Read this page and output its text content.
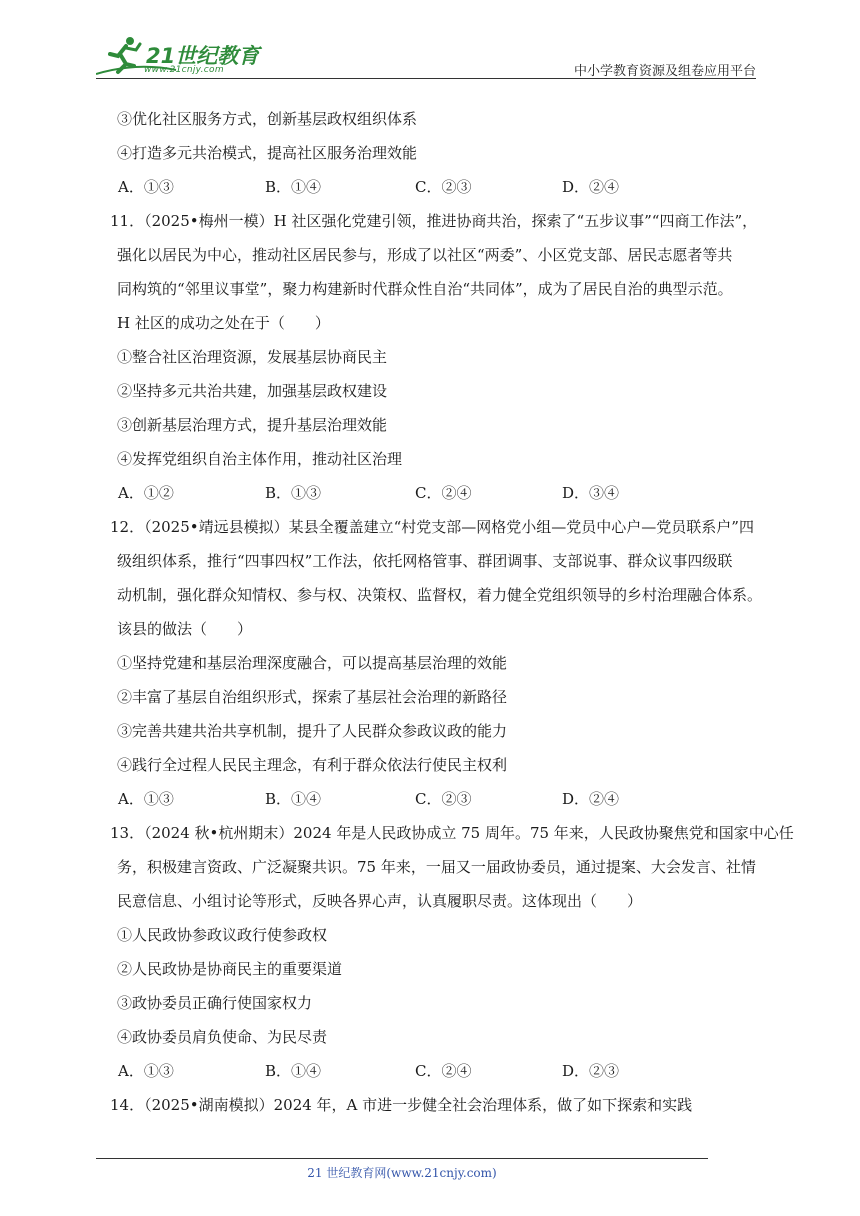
www.21cnjy.com
21世纪教育
中小学教育资源及组卷应用平台
③优化社区服务方式，创新基层政权组织体系
④打造多元共治模式，提高社区服务治理效能
A．①③	B．①④	C．②③	D．②④
11．（2025•梅州一模）H 社区强化党建引领，推进协商共治，探索了“五步议事”“四商工作法”，
强化以居民为中心，推动社区居民参与，形成了以社区“两委”、小区党支部、居民志愿者等共
同构筑的“邻里议事堂”，聚力构建新时代群众性自治“共同体”，成为了居民自治的典型示范。
H 社区的成功之处在于（　　）
①整合社区治理资源，发展基层协商民主
②坚持多元共治共建，加强基层政权建设
③创新基层治理方式，提升基层治理效能
④发挥党组织自治主体作用，推动社区治理
A．①②	B．①③	C．②④	D．③④
12．（2025•靖远县模拟）某县全覆盖建立“村党支部—网格党小组—党员中心户—党员联系户”四
级组织体系，推行“四事四权”工作法，依托网格管事、群团调事、支部说事、群众议事四级联
动机制，强化群众知情权、参与权、决策权、监督权，着力健全党组织领导的乡村治理融合体系。
该县的做法（　　）
①坚持党建和基层治理深度融合，可以提高基层治理的效能
②丰富了基层自治组织形式，探索了基层社会治理的新路径
③完善共建共治共享机制，提升了人民群众参政议政的能力
④践行全过程人民民主理念，有利于群众依法行使民主权利
A．①③	B．①④	C．②③	D．②④
13．（2024 秋•杭州期末）2024 年是人民政协成立 75 周年。75 年来，人民政协聚焦党和国家中心任
务，积极建言资政、广泛凝聚共识。75 年来，一届又一届政协委员，通过提案、大会发言、社情
民意信息、小组讨论等形式，反映各界心声，认真履职尽责。这体现出（　　）
①人民政协参政议政行使参政权
②人民政协是协商民主的重要渠道
③政协委员正确行使国家权力
④政协委员肩负使命、为民尽责
A．①③	B．①④	C．②④	D．②③
14．（2025•湖南模拟）2024 年，A 市进一步健全社会治理体系，做了如下探索和实践
21 世纪教育网(www.21cnjy.com)
